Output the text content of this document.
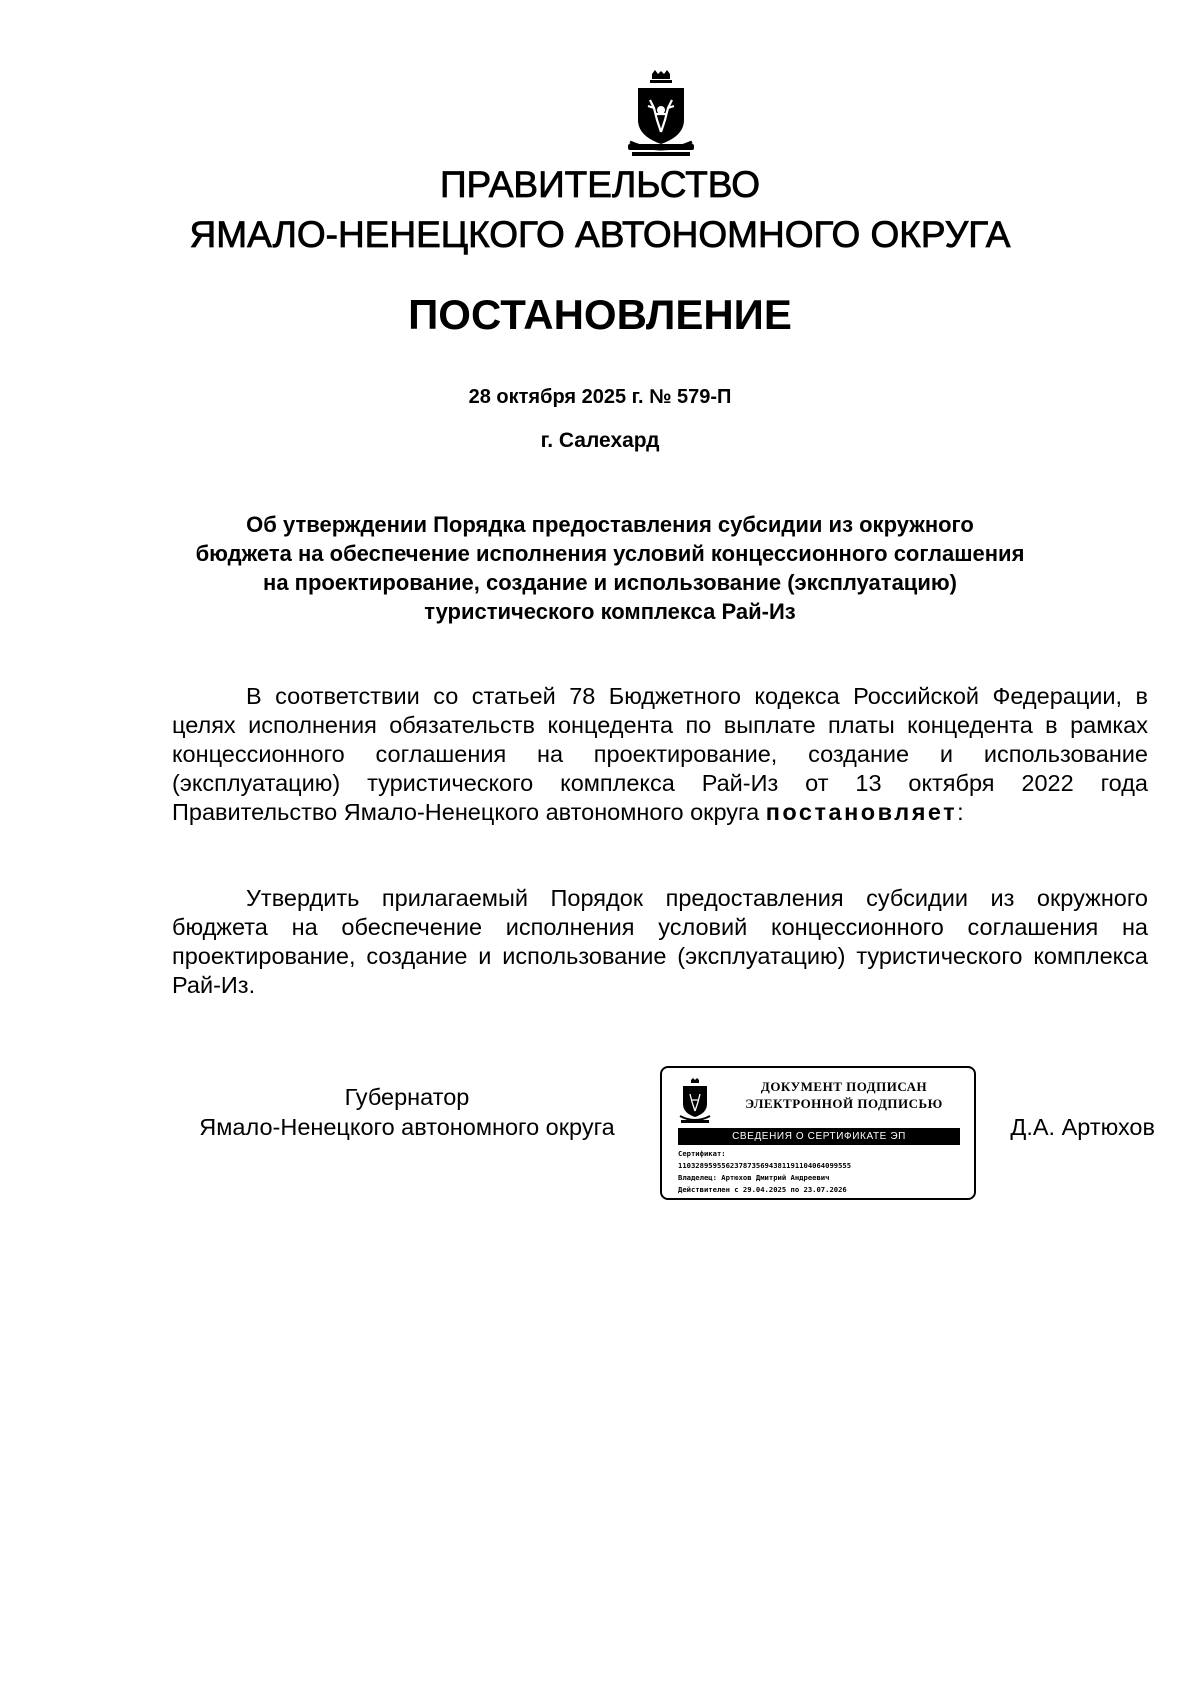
ПРАВИТЕЛЬСТВО
ЯМАЛО-НЕНЕЦКОГО АВТОНОМНОГО ОКРУГА
ПОСТАНОВЛЕНИЕ
28 октября 2025 г. № 579-П
г. Салехард
Об утверждении Порядка предоставления субсидии из окружного бюджета на обеспечение исполнения условий концессионного соглашения на проектирование, создание и использование (эксплуатацию) туристического комплекса Рай-Из
В соответствии со статьей 78 Бюджетного кодекса Российской Федерации, в целях исполнения обязательств концедента по выплате платы концедента в рамках концессионного соглашения на проектирование, создание и использование (эксплуатацию) туристического комплекса Рай-Из от 13 октября 2022 года Правительство Ямало-Ненецкого автономного округа постановляет:
Утвердить прилагаемый Порядок предоставления субсидии из окружного бюджета на обеспечение исполнения условий концессионного соглашения на проектирование, создание и использование (эксплуатацию) туристического комплекса Рай-Из.
Губернатор
Ямало-Ненецкого автономного округа
ДОКУМЕНТ ПОДПИСАН
ЭЛЕКТРОННОЙ ПОДПИСЬЮ
СВЕДЕНИЯ О СЕРТИФИКАТЕ ЭП
Сертификат:
1103289595562378735694381191104064099555
Владелец: Артюхов Дмитрий Андреевич
Действителен с 29.04.2025 по 23.07.2026
Д.А. Артюхов
